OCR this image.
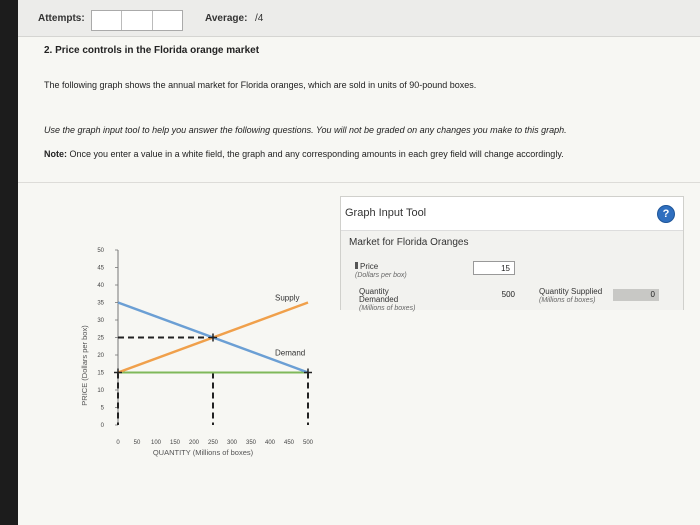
Attempts:	Average: /4
2. Price controls in the Florida orange market
The following graph shows the annual market for Florida oranges, which are sold in units of 90-pound boxes.
Use the graph input tool to help you answer the following questions. You will not be graded on any changes you make to this graph.
Note: Once you enter a value in a white field, the graph and any corresponding amounts in each grey field will change accordingly.
0
5
10
15
20
25
30
35
40
45
50
0 50 100 150 200 250 300 350 400 450 500
PRICE (Dollars per box)
QUANTITY (Millions of boxes)
Supply
Demand
Graph Input Tool	?
Market for Florida Oranges
Price
(Dollars per box)
15
Quantity
Demanded
(Millions of boxes)
500	Quantity Supplied
(Millions of boxes)
0
